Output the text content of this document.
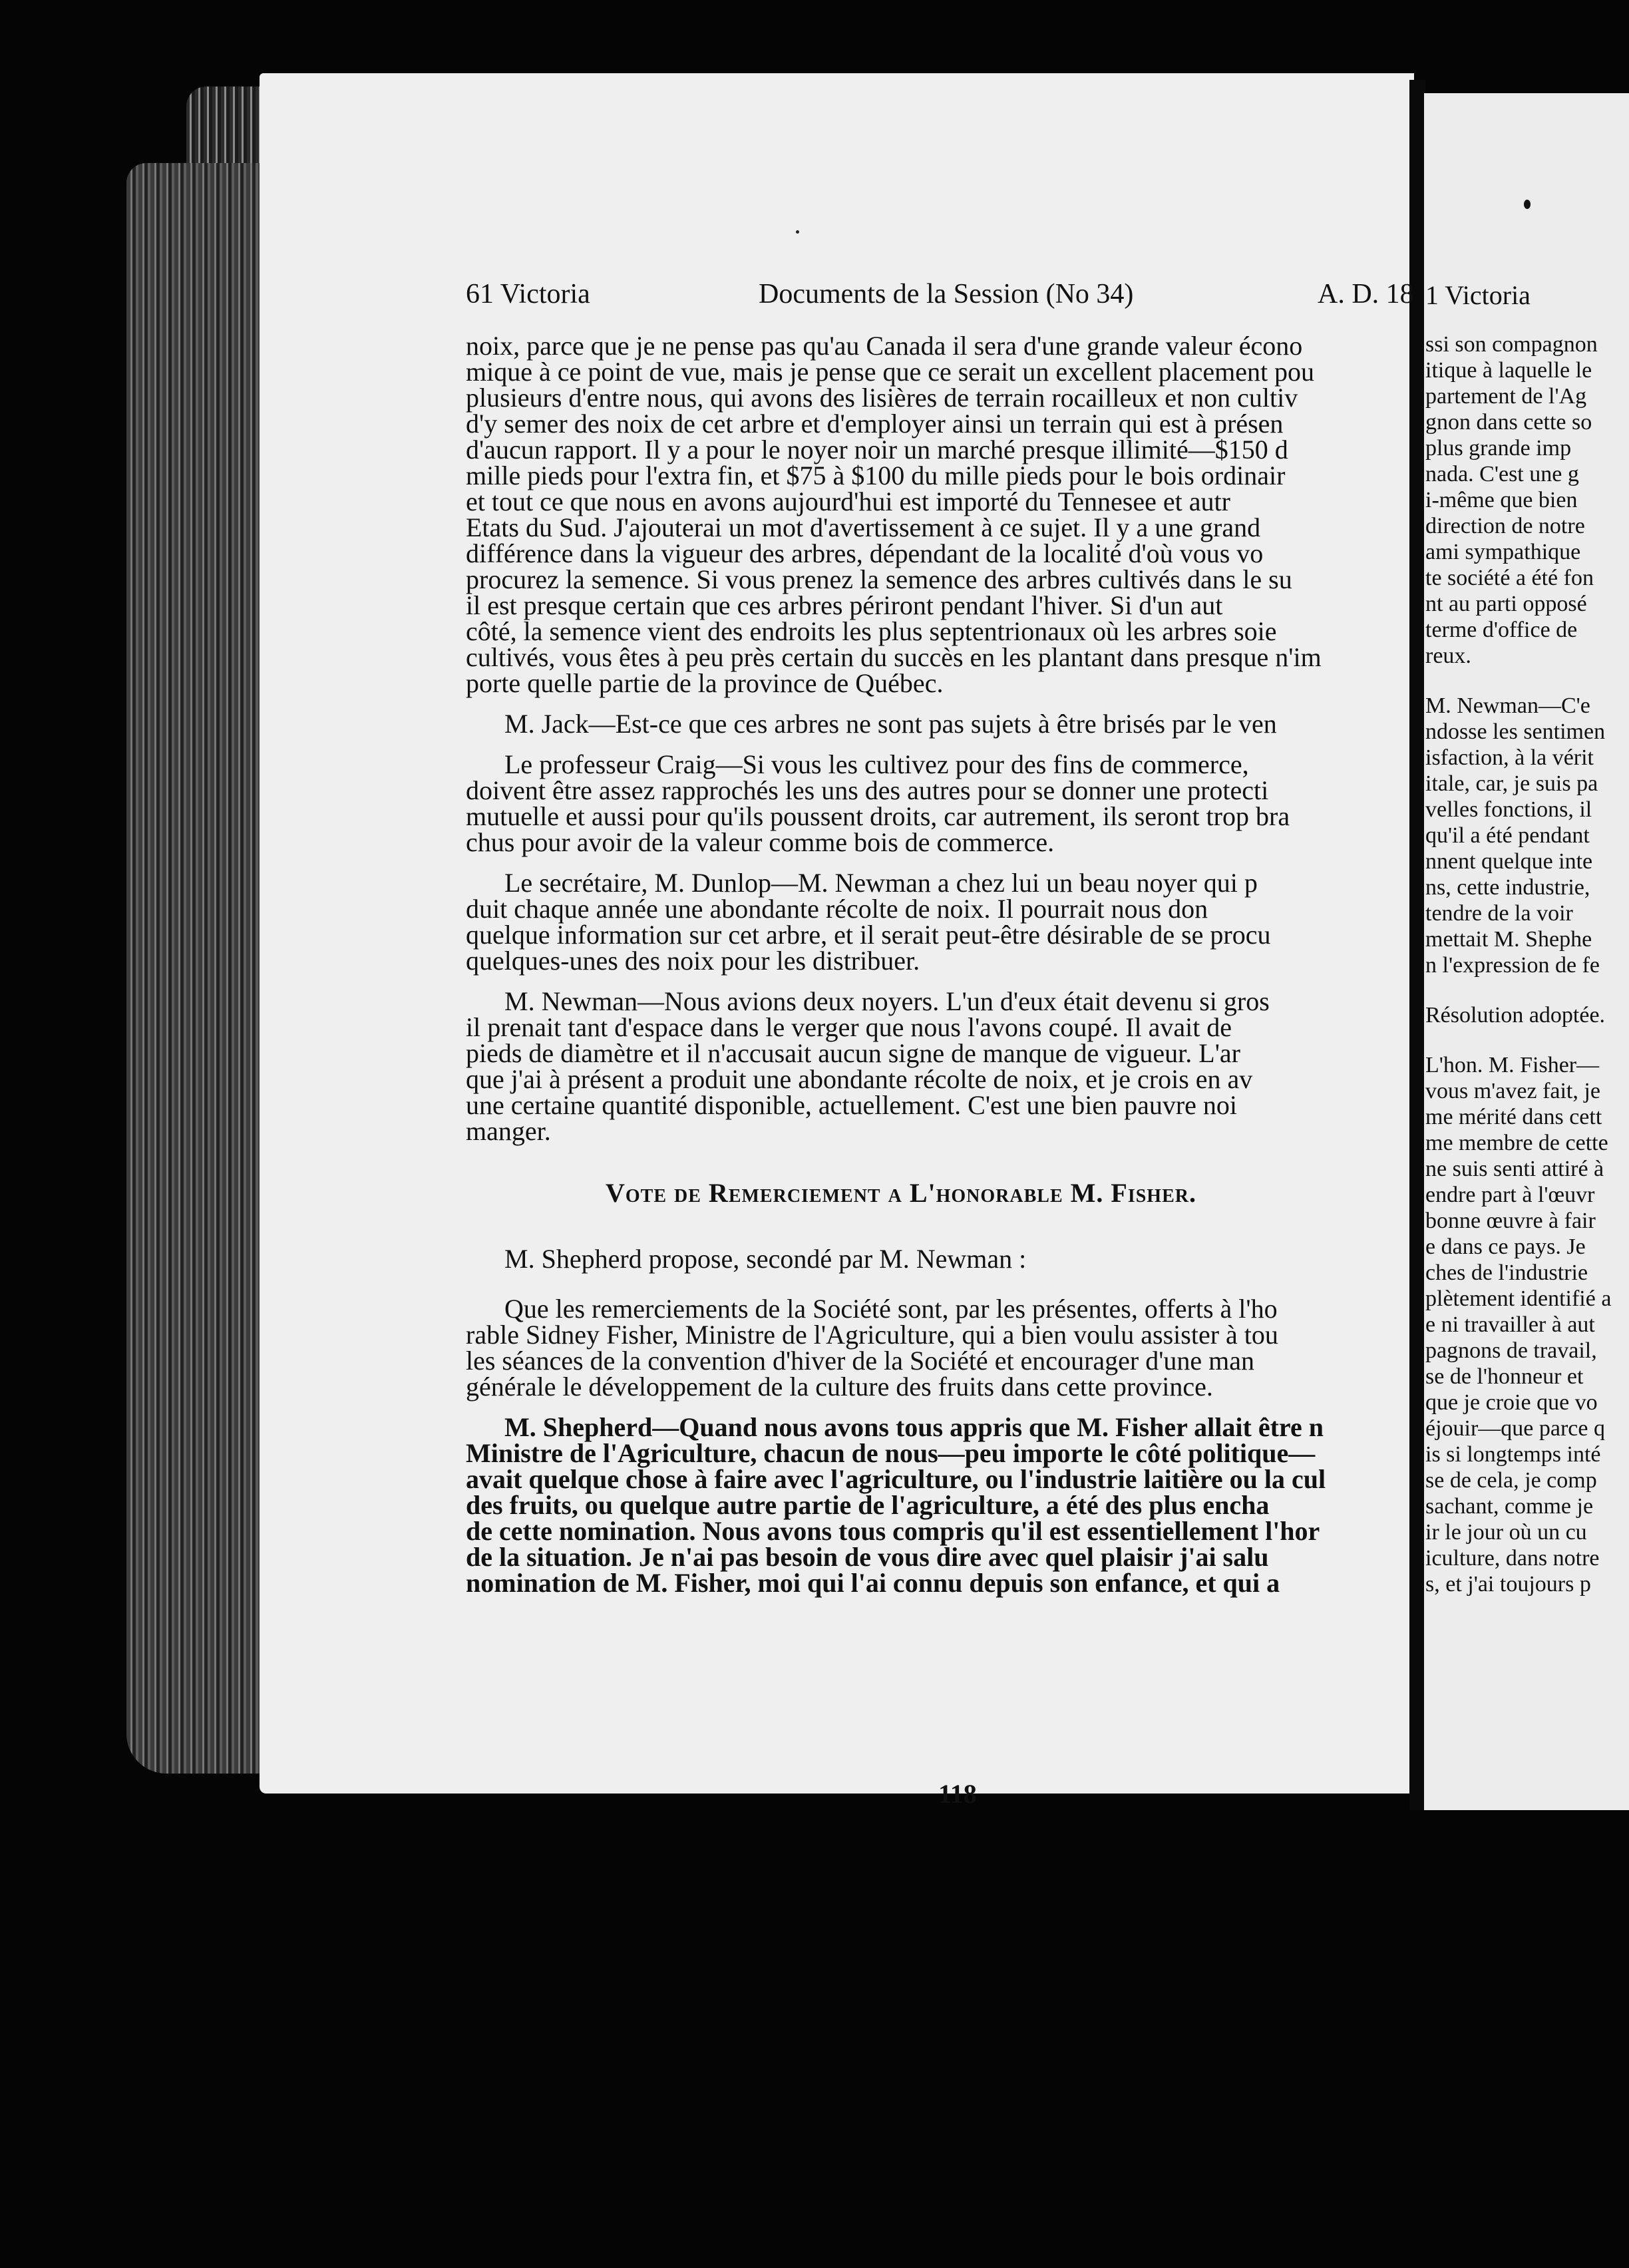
61 Victoria	Documents de la Session (No 34)	A. D. 18

noix, parce que je ne pense pas qu'au Canada il sera d'une grande valeur écono
mique à ce point de vue, mais je pense que ce serait un excellent placement pou
plusieurs d'entre nous, qui avons des lisières de terrain rocailleux et non cultiv
d'y semer des noix de cet arbre et d'employer ainsi un terrain qui est à présen
d'aucun rapport. Il y a pour le noyer noir un marché presque illimité—$150 d
mille pieds pour l'extra fin, et $75 à $100 du mille pieds pour le bois ordinair
et tout ce que nous en avons aujourd'hui est importé du Tennesee et autr
Etats du Sud. J'ajouterai un mot d'avertissement à ce sujet. Il y a une grand
différence dans la vigueur des arbres, dépendant de la localité d'où vous vo
procurez la semence. Si vous prenez la semence des arbres cultivés dans le su
il est presque certain que ces arbres périront pendant l'hiver. Si d'un aut
côté, la semence vient des endroits les plus septentrionaux où les arbres soie
cultivés, vous êtes à peu près certain du succès en les plantant dans presque n'im
porte quelle partie de la province de Québec.

M. Jack—Est-ce que ces arbres ne sont pas sujets à être brisés par le ven

Le professeur Craig—Si vous les cultivez pour des fins de commerce,
doivent être assez rapprochés les uns des autres pour se donner une protecti
mutuelle et aussi pour qu'ils poussent droits, car autrement, ils seront trop bra
chus pour avoir de la valeur comme bois de commerce.

Le secrétaire, M. Dunlop—M. Newman a chez lui un beau noyer qui p
duit chaque année une abondante récolte de noix. Il pourrait nous don
quelque information sur cet arbre, et il serait peut-être désirable de se procu
quelques-unes des noix pour les distribuer.

M. Newman—Nous avions deux noyers. L'un d'eux était devenu si gros
il prenait tant d'espace dans le verger que nous l'avons coupé. Il avait de
pieds de diamètre et il n'accusait aucun signe de manque de vigueur. L'ar
que j'ai à présent a produit une abondante récolte de noix, et je crois en av
une certaine quantité disponible, actuellement. C'est une bien pauvre noi
manger.

Vote de Remerciement a L'honorable M. Fisher.

M. Shepherd propose, secondé par M. Newman :

Que les remerciements de la Société sont, par les présentes, offerts à l'ho
rable Sidney Fisher, Ministre de l'Agriculture, qui a bien voulu assister à tou
les séances de la convention d'hiver de la Société et encourager d'une man
générale le développement de la culture des fruits dans cette province.

M. Shepherd—Quand nous avons tous appris que M. Fisher allait être n
Ministre de l'Agriculture, chacun de nous—peu importe le côté politique—
avait quelque chose à faire avec l'agriculture, ou l'industrie laitière ou la cul
des fruits, ou quelque autre partie de l'agriculture, a été des plus encha
de cette nomination. Nous avons tous compris qu'il est essentiellement l'hor
de la situation. Je n'ai pas besoin de vous dire avec quel plaisir j'ai salu
nomination de M. Fisher, moi qui l'ai connu depuis son enfance, et qui a

118
1 Victoria
ssi son compagnon
itique à laquelle le
partement de l'Ag
gnon dans cette so
plus grande imp
nada. C'est une g
i-même que bien
direction de notre
ami sympathique
te société a été fon
nt au parti opposé
terme d'office de
reux.
M. Newman—C'e
ndosse les sentimen
isfaction, à la vérit
itale, car, je suis pa
velles fonctions, il
qu'il a été pendant
nnent quelque inte
ns, cette industrie,
tendre de la voir
mettait M. Shephe
n l'expression de fe
Résolution adoptée.
L'hon. M. Fisher—
vous m'avez fait, je
me mérité dans cett
me membre de cette
ne suis senti attiré à
endre part à l'œuvr
bonne œuvre à fair
e dans ce pays. Je
ches de l'industrie
plètement identifié a
e ni travailler à aut
pagnons de travail,
se de l'honneur et
que je croie que vo
éjouir—que parce q
is si longtemps inté
se de cela, je comp
sachant, comme je
ir le jour où un cu
iculture, dans notre
s, et j'ai toujours p
